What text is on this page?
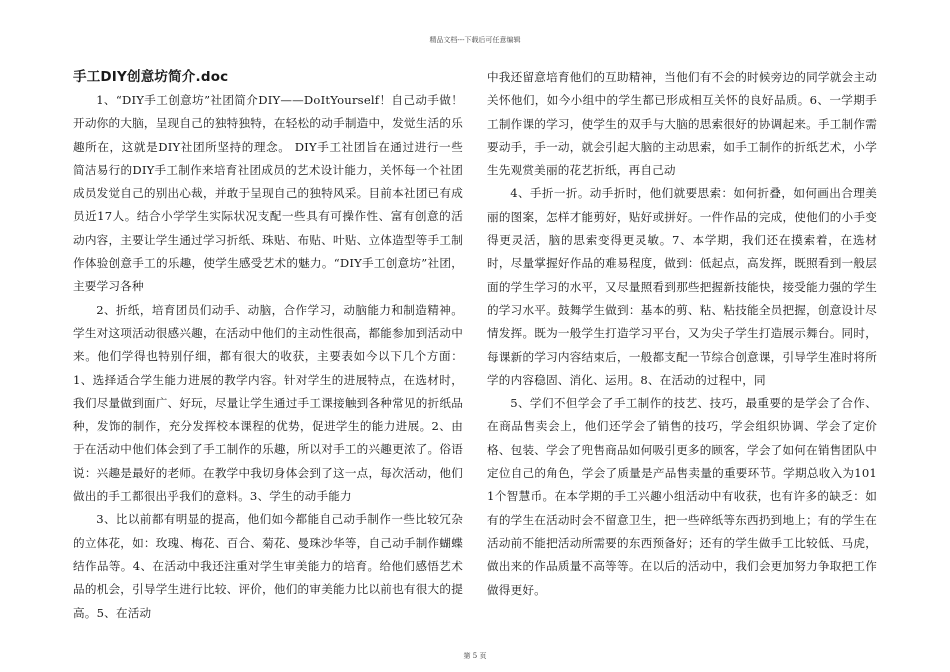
精品文档---下载后可任意编辑
手工DIY创意坊简介.doc

1、“DIY手工创意坊”社团简介DIY——DoItYourself！自己动手做！开动你的大脑，呈现自己的独特独特，在轻松的动手制造中，发觉生活的乐趣所在，这就是DIY社团所坚持的理念。 DIY手工社团旨在通过进行一些简洁易行的DIY手工制作来培育社团成员的艺术设计能力，关怀每一个社团成员发觉自己的别出心裁，并敢于呈现自己的独特风采。目前本社团已有成员近17人。结合小学学生实际状况支配一些具有可操作性、富有创意的活动内容，主要让学生通过学习折纸、珠贴、布贴、叶贴、立体造型等手工制作体验创意手工的乐趣，使学生感受艺术的魅力。“DIY手工创意坊”社团，主要学习各种

2、折纸，培育团员们动手、动脑，合作学习，动脑能力和制造精神。学生对这项活动很感兴趣，在活动中他们的主动性很高，都能参加到活动中来。他们学得也特别仔细，都有很大的收获，主要表如今以下几个方面：1、选择适合学生能力进展的教学内容。针对学生的进展特点，在选材时，我们尽量做到面广、好玩，尽量让学生通过手工课接触到各种常见的折纸品种，发饰的制作，充分发挥校本课程的优势，促进学生的能力进展。2、由于在活动中他们体会到了手工制作的乐趣，所以对手工的兴趣更浓了。俗语说：兴趣是最好的老师。在教学中我切身体会到了这一点，每次活动，他们做出的手工都很出乎我们的意料。3、学生的动手能力

3、比以前都有明显的提高，他们如今都能自己动手制作一些比较冗杂的立体花，如：玫瑰、梅花、百合、菊花、曼珠沙华等，自己动手制作蝴蝶结作品等。4、在活动中我还注重对学生审美能力的培育。给他们感悟艺术品的机会，引导学生进行比较、评价，他们的审美能力比以前也有很大的提高。5、在活动

中我还留意培育他们的互助精神，当他们有不会的时候旁边的同学就会主动关怀他们，如今小组中的学生都已形成相互关怀的良好品质。6、一学期手工制作课的学习，使学生的双手与大脑的思索很好的协调起来。手工制作需要动手，手一动，就会引起大脑的主动思索，如手工制作的折纸艺术，小学生先观赏美丽的花艺折纸，再自己动

4、手折一折。动手折时，他们就要思索：如何折叠，如何画出合理美丽的图案，怎样才能剪好，贴好或拼好。一件作品的完成，使他们的小手变得更灵活，脑的思索变得更灵敏。7、本学期，我们还在摸索着，在选材时，尽量掌握好作品的难易程度，做到：低起点，高发挥，既照看到一般层面的学生学习的水平，又尽量照看到那些把握新技能快，接受能力强的学生的学习水平。鼓舞学生做到：基本的剪、粘、粘技能全员把握，创意设计尽情发挥。既为一般学生打造学习平台，又为尖子学生打造展示舞台。同时，每课新的学习内容结束后，一般都支配一节综合创意课，引导学生准时将所学的内容稳固、消化、运用。8、在活动的过程中，同

5、学们不但学会了手工制作的技艺、技巧，最重要的是学会了合作、在商品售卖会上，他们还学会了销售的技巧，学会组织协调、学会了定价格、包装、学会了兜售商品如何吸引更多的顾客，学会了如何在销售团队中定位自己的角色，学会了质量是产品售卖量的重要环节。学期总收入为1011个智慧币。在本学期的手工兴趣小组活动中有收获，也有许多的缺乏：如有的学生在活动时会不留意卫生，把一些碎纸等东西扔到地上；有的学生在活动前不能把活动所需要的东西预备好；还有的学生做手工比较低、马虎，做出来的作品质量不高等等。在以后的活动中，我们会更加努力争取把工作做得更好。

第 5 页
